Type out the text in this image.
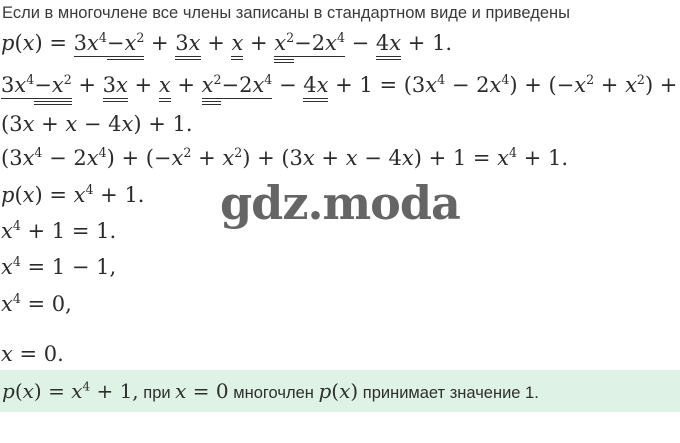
Если в многочлене все члены записаны в стандартном виде и приведены
$p(x) = 3x^4-x^2 + 3x + x + x^2-2x^4 - 4x + 1$.
$3x^4-x^2 + 3x + x + x^2-2x^4 - 4x + 1 = (3x^4 - 2x^4) + (-x^2 + x^2)$ +
(3x + x − 4x) + 1.
$(3x^4 - 2x^4) + (-x^2 + x^2) + (3x + x - 4x) + 1 = x^4 + 1$.
$p(x) = x^4 + 1$.
$x^4 + 1 = 1$.
$x^4 = 1 - 1$,
$x^4 = 0$,
x = 0.
gdz.moda
$p(x) = x^4 + 1$, при x = 0 многочлен p(x) принимает значение 1.
